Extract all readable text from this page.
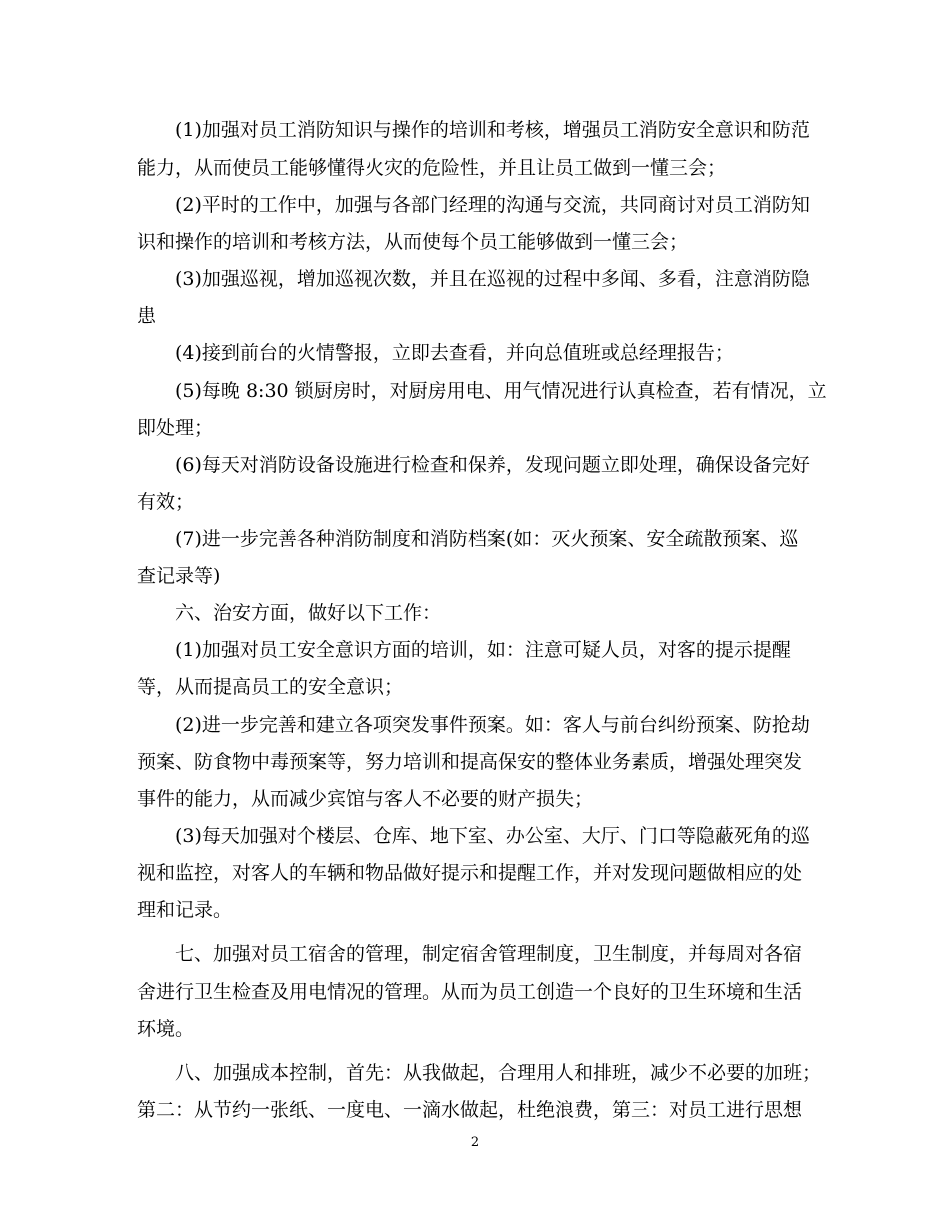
(1)加强对员工消防知识与操作的培训和考核，增强员工消防安全意识和防范
能力，从而使员工能够懂得火灾的危险性，并且让员工做到一懂三会；
(2)平时的工作中，加强与各部门经理的沟通与交流，共同商讨对员工消防知
识和操作的培训和考核方法，从而使每个员工能够做到一懂三会；
(3)加强巡视，增加巡视次数，并且在巡视的过程中多闻、多看，注意消防隐
患
(4)接到前台的火情警报，立即去查看，并向总值班或总经理报告；
(5)每晚 8:30 锁厨房时，对厨房用电、用气情况进行认真检查，若有情况，立
即处理；
(6)每天对消防设备设施进行检查和保养，发现问题立即处理，确保设备完好
有效；
(7)进一步完善各种消防制度和消防档案(如：灭火预案、安全疏散预案、巡
查记录等)
六、治安方面，做好以下工作：
(1)加强对员工安全意识方面的培训，如：注意可疑人员，对客的提示提醒
等，从而提高员工的安全意识；
(2)进一步完善和建立各项突发事件预案。如：客人与前台纠纷预案、防抢劫
预案、防食物中毒预案等，努力培训和提高保安的整体业务素质，增强处理突发
事件的能力，从而减少宾馆与客人不必要的财产损失；
(3)每天加强对个楼层、仓库、地下室、办公室、大厅、门口等隐蔽死角的巡
视和监控，对客人的车辆和物品做好提示和提醒工作，并对发现问题做相应的处
理和记录。
七、加强对员工宿舍的管理，制定宿舍管理制度，卫生制度，并每周对各宿
舍进行卫生检查及用电情况的管理。从而为员工创造一个良好的卫生环境和生活
环境。
八、加强成本控制，首先：从我做起，合理用人和排班，减少不必要的加班；
第二：从节约一张纸、一度电、一滴水做起，杜绝浪费，第三：对员工进行思想
2
